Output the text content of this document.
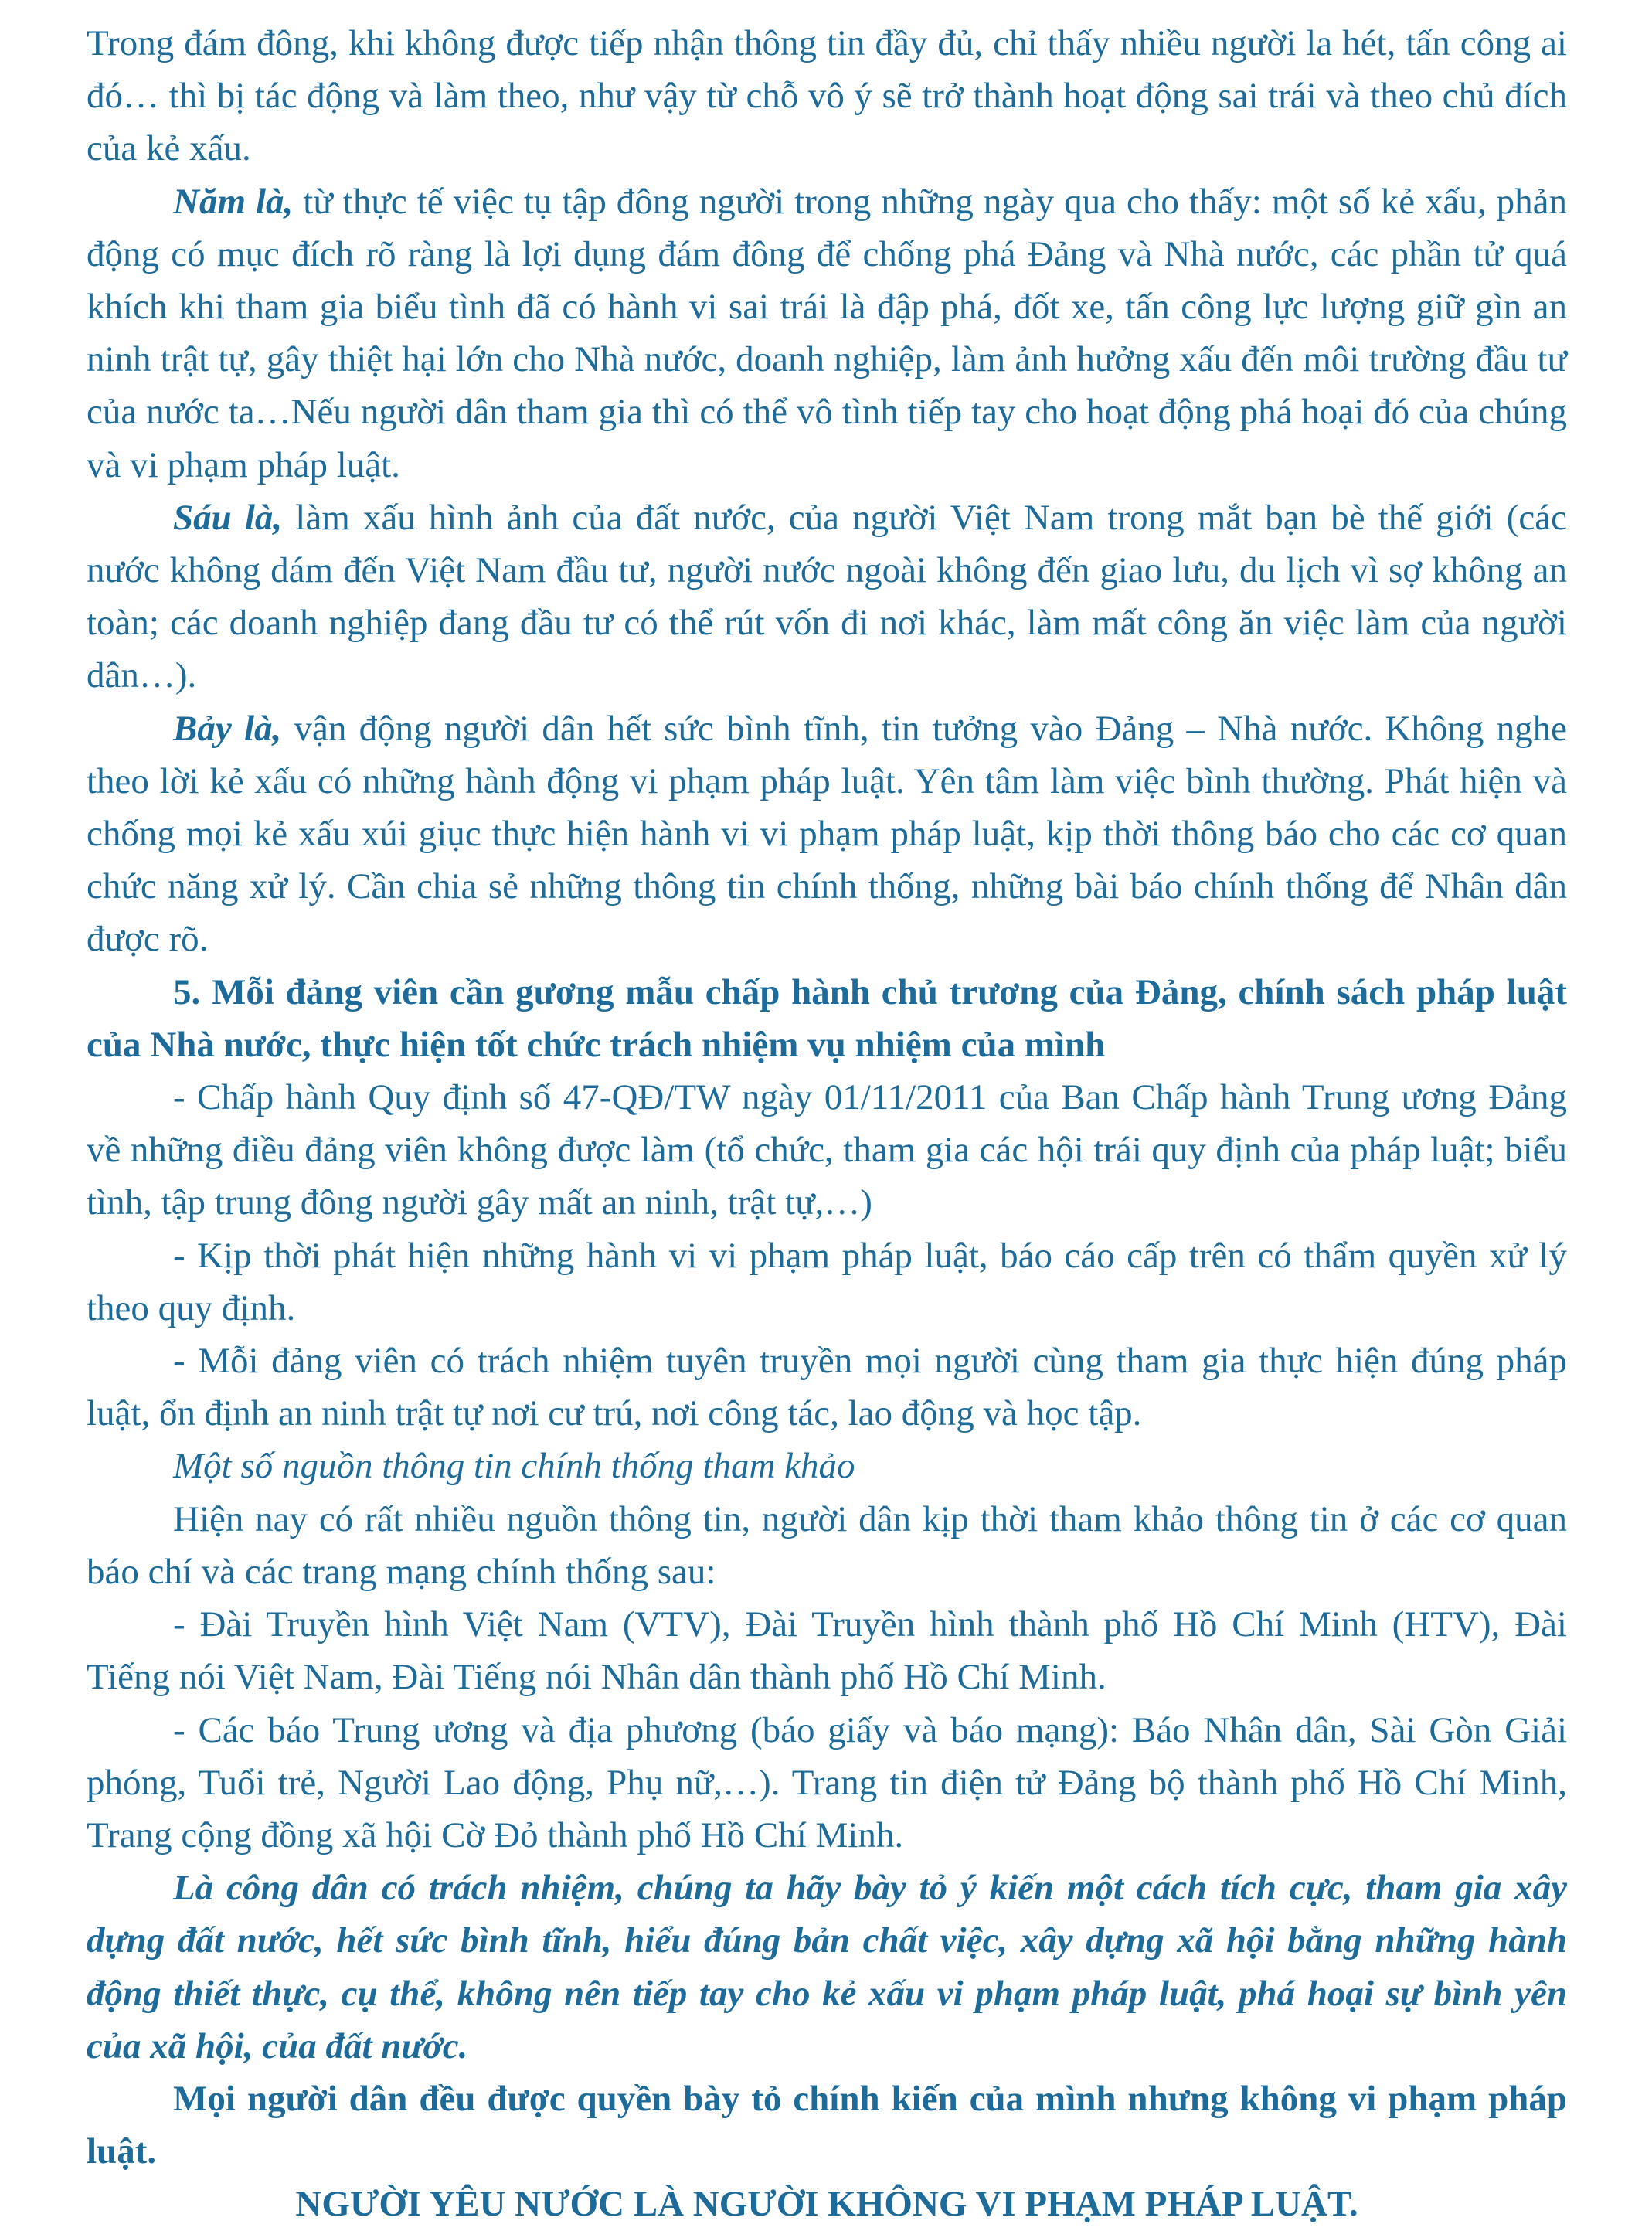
Trong đám đông, khi không được tiếp nhận thông tin đầy đủ, chỉ thấy nhiều người la hét, tấn công ai đó… thì bị tác động và làm theo, như vậy từ chỗ vô ý sẽ trở thành hoạt động sai trái và theo chủ đích của kẻ xấu.

Năm là, từ thực tế việc tụ tập đông người trong những ngày qua cho thấy: một số kẻ xấu, phản động có mục đích rõ ràng là lợi dụng đám đông để chống phá Đảng và Nhà nước, các phần tử quá khích khi tham gia biểu tình đã có hành vi sai trái là đập phá, đốt xe, tấn công lực lượng giữ gìn an ninh trật tự, gây thiệt hại lớn cho Nhà nước, doanh nghiệp, làm ảnh hưởng xấu đến môi trường đầu tư của nước ta…Nếu người dân tham gia thì có thể vô tình tiếp tay cho hoạt động phá hoại đó của chúng và vi phạm pháp luật.

Sáu là, làm xấu hình ảnh của đất nước, của người Việt Nam trong mắt bạn bè thế giới (các nước không dám đến Việt Nam đầu tư, người nước ngoài không đến giao lưu, du lịch vì sợ không an toàn; các doanh nghiệp đang đầu tư có thể rút vốn đi nơi khác, làm mất công ăn việc làm của người dân…).

Bảy là, vận động người dân hết sức bình tĩnh, tin tưởng vào Đảng – Nhà nước. Không nghe theo lời kẻ xấu có những hành động vi phạm pháp luật. Yên tâm làm việc bình thường. Phát hiện và chống mọi kẻ xấu xúi giục thực hiện hành vi vi phạm pháp luật, kịp thời thông báo cho các cơ quan chức năng xử lý. Cần chia sẻ những thông tin chính thống, những bài báo chính thống để Nhân dân được rõ.

5. Mỗi đảng viên cần gương mẫu chấp hành chủ trương của Đảng, chính sách pháp luật của Nhà nước, thực hiện tốt chức trách nhiệm vụ nhiệm của mình

- Chấp hành Quy định số 47-QĐ/TW ngày 01/11/2011 của Ban Chấp hành Trung ương Đảng về những điều đảng viên không được làm (tổ chức, tham gia các hội trái quy định của pháp luật; biểu tình, tập trung đông người gây mất an ninh, trật tự,…)

- Kịp thời phát hiện những hành vi vi phạm pháp luật, báo cáo cấp trên có thẩm quyền xử lý theo quy định.

- Mỗi đảng viên có trách nhiệm tuyên truyền mọi người cùng tham gia thực hiện đúng pháp luật, ổn định an ninh trật tự nơi cư trú, nơi công tác, lao động và học tập.

Một số nguồn thông tin chính thống tham khảo

Hiện nay có rất nhiều nguồn thông tin, người dân kịp thời tham khảo thông tin ở các cơ quan báo chí và các trang mạng chính thống sau:

- Đài Truyền hình Việt Nam (VTV), Đài Truyền hình thành phố Hồ Chí Minh (HTV), Đài Tiếng nói Việt Nam, Đài Tiếng nói Nhân dân thành phố Hồ Chí Minh.

- Các báo Trung ương và địa phương (báo giấy và báo mạng): Báo Nhân dân, Sài Gòn Giải phóng, Tuổi trẻ, Người Lao động, Phụ nữ,…). Trang tin điện tử Đảng bộ thành phố Hồ Chí Minh, Trang cộng đồng xã hội Cờ Đỏ thành phố Hồ Chí Minh.

Là công dân có trách nhiệm, chúng ta hãy bày tỏ ý kiến một cách tích cực, tham gia xây dựng đất nước, hết sức bình tĩnh, hiểu đúng bản chất việc, xây dựng xã hội bằng những hành động thiết thực, cụ thể, không nên tiếp tay cho kẻ xấu vi phạm pháp luật, phá hoại sự bình yên của xã hội, của đất nước.

Mọi người dân đều được quyền bày tỏ chính kiến của mình nhưng không vi phạm pháp luật.

NGƯỜI YÊU NƯỚC LÀ NGƯỜI KHÔNG VI PHẠM PHÁP LUẬT.
